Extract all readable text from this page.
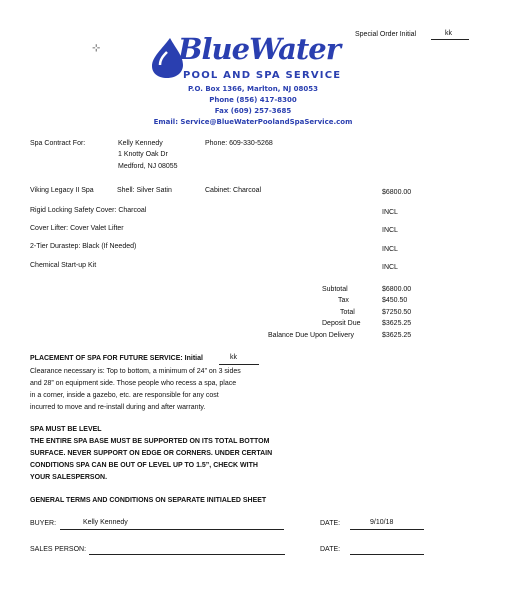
Special Order Initial	kk
⊹	BlueWater
POOL AND SPA SERVICE
P.O. Box 1366, Marlton, NJ 08053
Phone (856) 417-8300
Fax (609) 257-3685
Email: Service@BlueWaterPoolandSpaService.com
Spa Contract For:	Kelly Kennedy
1 Knotty Oak Dr
Medford, NJ 08055
Phone: 609-330-5268
Viking Legacy II Spa	Shell: Silver Satin	Cabinet: Charcoal	$6800.00
Rigid Locking Safety Cover: Charcoal	INCL
Cover Lifter: Cover Valet Lifter	INCL
2-Tier Durastep: Black (If Needed)	INCL
Chemical Start-up Kit	INCL
Subtotal	$6800.00
Tax	$450.50
Total	$7250.50
Deposit Due	$3625.25
Balance Due Upon Delivery	$3625.25
PLACEMENT OF SPA FOR FUTURE SERVICE: Initial	kk
Clearance necessary is: Top to bottom, a minimum of 24” on 3 sides
and 28” on equipment side. Those people who recess a spa, place
in a corner, inside a gazebo, etc. are responsible for any cost
incurred to move and re-install during and after warranty.
SPA MUST BE LEVEL
THE ENTIRE SPA BASE MUST BE SUPPORTED ON ITS TOTAL BOTTOM
SURFACE. NEVER SUPPORT ON EDGE OR CORNERS. UNDER CERTAIN
CONDITIONS SPA CAN BE OUT OF LEVEL UP TO 1.5”, CHECK WITH
YOUR SALESPERSON.
GENERAL TERMS AND CONDITIONS ON SEPARATE INITIALED SHEET
BUYER:	Kelly Kennedy	DATE:	9/10/18
SALES PERSON:	DATE:
